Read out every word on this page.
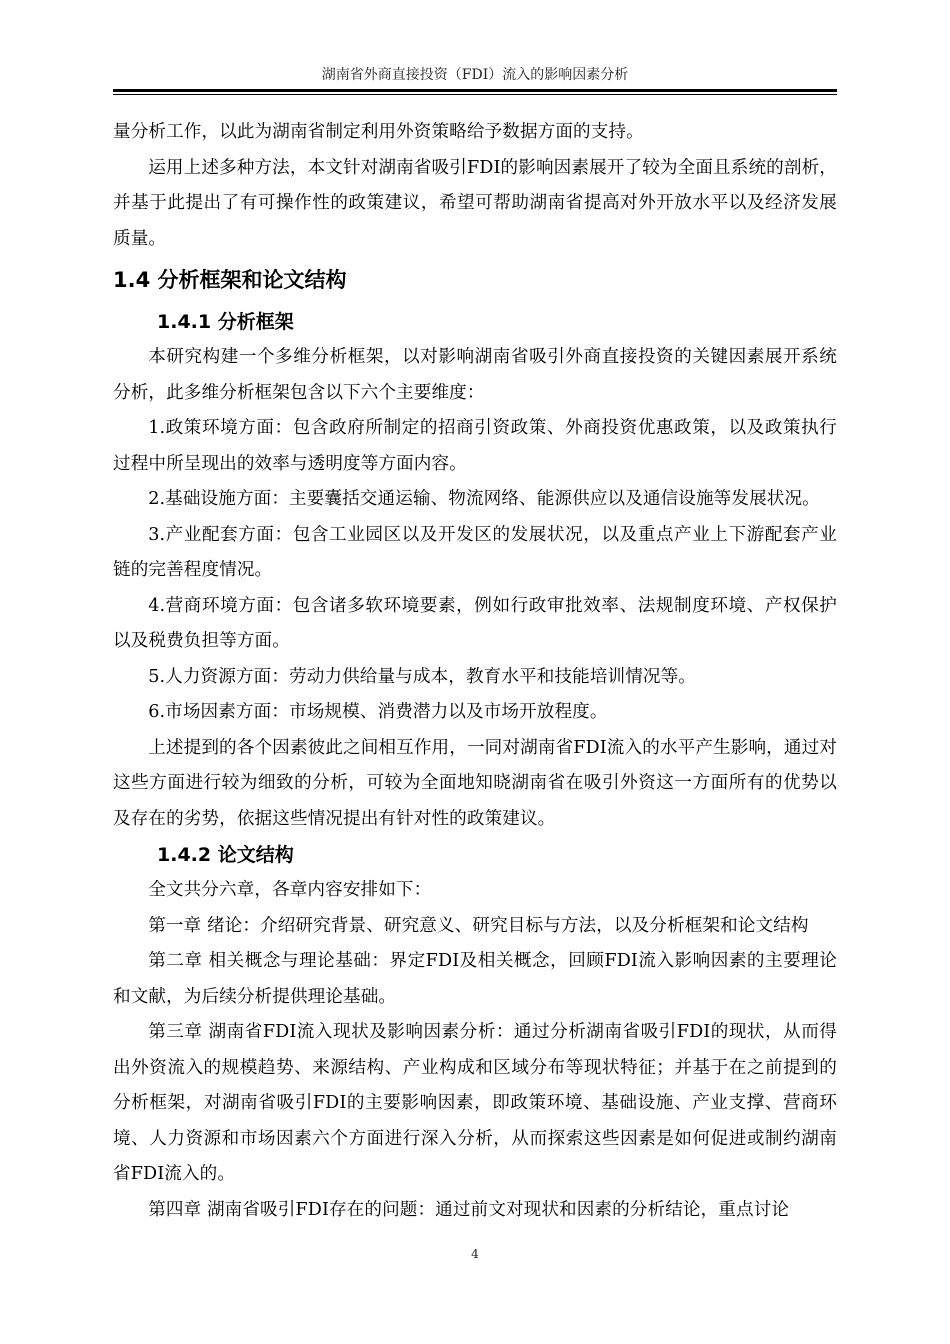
湖南省外商直接投资（FDI）流入的影响因素分析

量分析工作，以此为湖南省制定利用外资策略给予数据方面的支持。

运用上述多种方法，本文针对湖南省吸引FDI的影响因素展开了较为全面且系统的剖析，并基于此提出了有可操作性的政策建议，希望可帮助湖南省提高对外开放水平以及经济发展质量。

1.4 分析框架和论文结构
1.4.1 分析框架

本研究构建一个多维分析框架，以对影响湖南省吸引外商直接投资的关键因素展开系统分析，此多维分析框架包含以下六个主要维度：

1.政策环境方面：包含政府所制定的招商引资政策、外商投资优惠政策，以及政策执行过程中所呈现出的效率与透明度等方面内容。

2.基础设施方面：主要囊括交通运输、物流网络、能源供应以及通信设施等发展状况。

3.产业配套方面：包含工业园区以及开发区的发展状况，以及重点产业上下游配套产业链的完善程度情况。

4.营商环境方面：包含诸多软环境要素，例如行政审批效率、法规制度环境、产权保护以及税费负担等方面。

5.人力资源方面：劳动力供给量与成本，教育水平和技能培训情况等。

6.市场因素方面：市场规模、消费潜力以及市场开放程度。

上述提到的各个因素彼此之间相互作用，一同对湖南省FDI流入的水平产生影响，通过对这些方面进行较为细致的分析，可较为全面地知晓湖南省在吸引外资这一方面所有的优势以及存在的劣势，依据这些情况提出有针对性的政策建议。

1.4.2 论文结构

全文共分六章，各章内容安排如下：

第一章 绪论：介绍研究背景、研究意义、研究目标与方法，以及分析框架和论文结构

第二章 相关概念与理论基础：界定FDI及相关概念，回顾FDI流入影响因素的主要理论和文献，为后续分析提供理论基础。

第三章 湖南省FDI流入现状及影响因素分析：通过分析湖南省吸引FDI的现状，从而得出外资流入的规模趋势、来源结构、产业构成和区域分布等现状特征；并基于在之前提到的分析框架，对湖南省吸引FDI的主要影响因素，即政策环境、基础设施、产业支撑、营商环境、人力资源和市场因素六个方面进行深入分析，从而探索这些因素是如何促进或制约湖南省FDI流入的。

第四章 湖南省吸引FDI存在的问题：通过前文对现状和因素的分析结论，重点讨论

4
